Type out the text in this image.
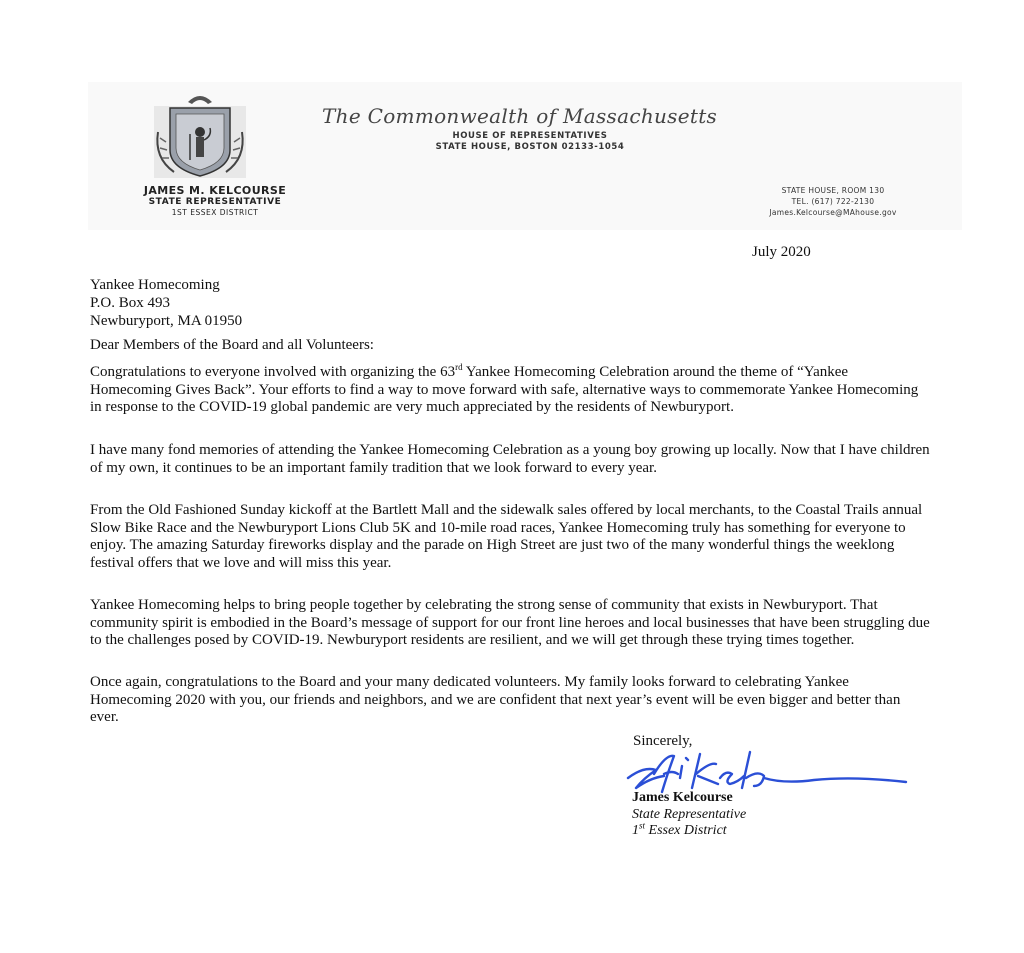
The Commonwealth of Massachusetts
HOUSE OF REPRESENTATIVES
STATE HOUSE, BOSTON 02133-1054
JAMES M. KELCOURSE
STATE REPRESENTATIVE
1ST ESSEX DISTRICT
STATE HOUSE, ROOM 130
TEL. (617) 722-2130
James.Kelcourse@MAhouse.gov
July 2020
Yankee Homecoming
P.O. Box 493
Newburyport, MA 01950
Dear Members of the Board and all Volunteers:

Congratulations to everyone involved with organizing the 63rd Yankee Homecoming Celebration around the theme of “Yankee Homecoming Gives Back”. Your efforts to find a way to move forward with safe, alternative ways to commemorate Yankee Homecoming in response to the COVID-19 global pandemic are very much appreciated by the residents of Newburyport.

I have many fond memories of attending the Yankee Homecoming Celebration as a young boy growing up locally. Now that I have children of my own, it continues to be an important family tradition that we look forward to every year.

From the Old Fashioned Sunday kickoff at the Bartlett Mall and the sidewalk sales offered by local merchants, to the Coastal Trails annual Slow Bike Race and the Newburyport Lions Club 5K and 10-mile road races, Yankee Homecoming truly has something for everyone to enjoy. The amazing Saturday fireworks display and the parade on High Street are just two of the many wonderful things the weeklong festival offers that we love and will miss this year.

Yankee Homecoming helps to bring people together by celebrating the strong sense of community that exists in Newburyport. That community spirit is embodied in the Board’s message of support for our front line heroes and local businesses that have been struggling due to the challenges posed by COVID-19. Newburyport residents are resilient, and we will get through these trying times together.

Once again, congratulations to the Board and your many dedicated volunteers. My family looks forward to celebrating Yankee Homecoming 2020 with you, our friends and neighbors, and we are confident that next year’s event will be even bigger and better than ever.

Sincerely,
James Kelcourse
State Representative
1st Essex District
